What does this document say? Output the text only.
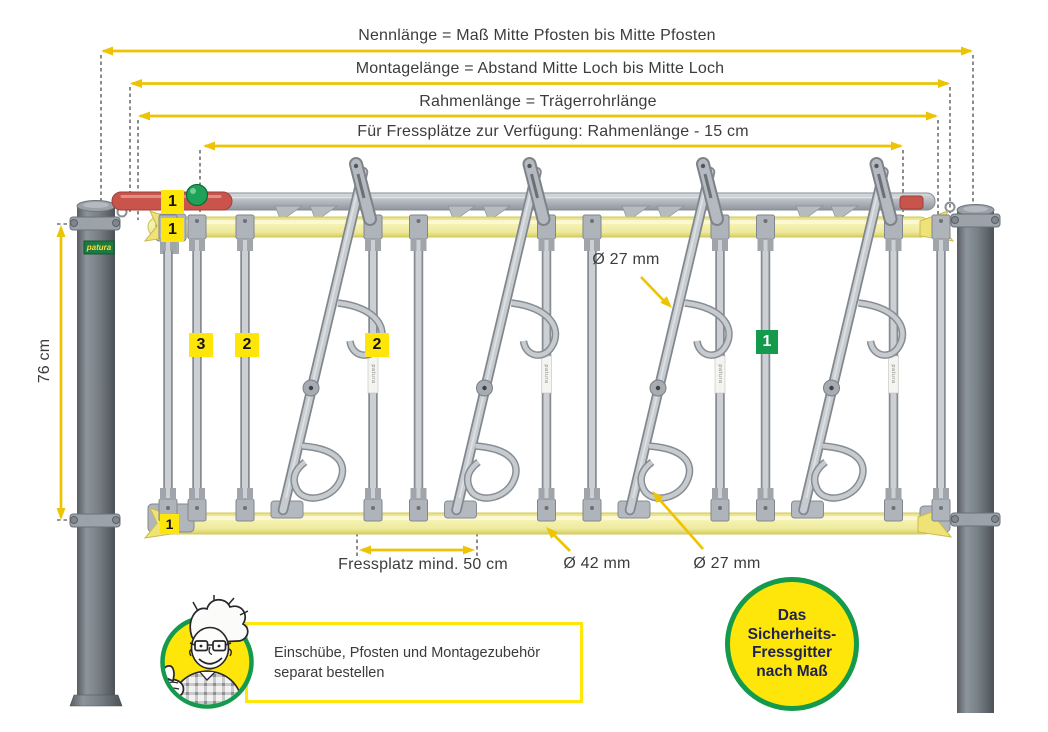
Nennlänge = Maß Mitte Pfosten bis Mitte Pfosten
Montagelänge = Abstand Mitte Loch bis Mitte Loch
Rahmenlänge = Trägerrohrlänge
Für Fressplätze zur Verfügung: Rahmenlänge - 15 cm
76 cm
Fressplatz mind. 50 cm	Ø 42 mm	Ø 27 mm
Ø 27 mm
1
1
3	2	2	1
1
patura
patura	patura	patura	patura
Einschübe, Pfosten und Montagezubehör separat bestellen
Das
Sicherheits-
Fressgitter
nach Maß
